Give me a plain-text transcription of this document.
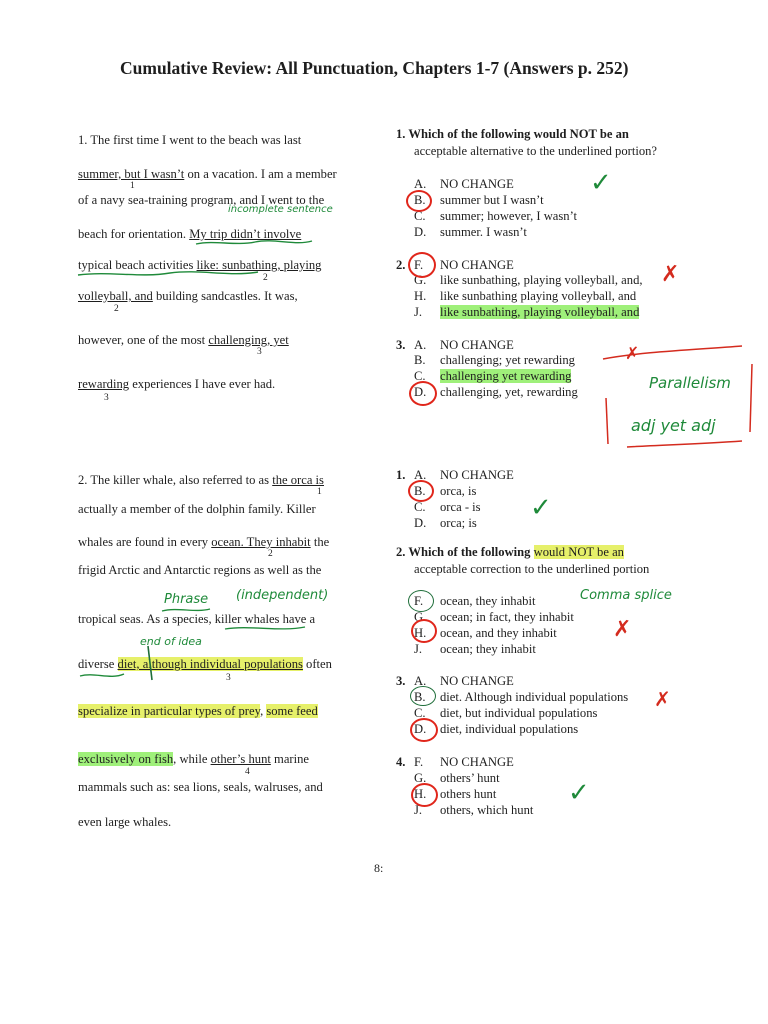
Cumulative Review: All Punctuation, Chapters 1-7 (Answers p. 252)
1. The first time I went to the beach was last
summer, but I wasn’t on a vacation. I am a member
1
of a navy sea-training program, and I went to the
beach for orientation. My trip didn’t involve
typical beach activities like: sunbathing, playing
2
volleyball, and building sandcastles. It was,
2
however, one of the most challenging, yet
3
rewarding experiences I have ever had.
3
2. The killer whale, also referred to as the orca is
1
actually a member of the dolphin family. Killer
whales are found in every ocean. They inhabit the
2
frigid Arctic and Antarctic regions as well as the
tropical seas. As a species, killer whales have a
diverse diet, although individual populations often
3
specialize in particular types of prey, some feed
exclusively on fish, while other’s hunt marine
4
mammals such as: sea lions, seals, walruses, and
even large whales.
1. Which of the following would NOT be an
acceptable alternative to the underlined portion?
A. NO CHANGE
B. summer but I wasn’t
C. summer; however, I wasn’t
D. summer. I wasn’t
2. F. NO CHANGE
G. like sunbathing, playing volleyball, and,
H. like sunbathing playing volleyball, and
J. like sunbathing, playing volleyball, and
3. A. NO CHANGE
B. challenging; yet rewarding
C. challenging yet rewarding
D. challenging, yet, rewarding
1. A. NO CHANGE
B. orca, is
C. orca - is
D. orca; is
2. Which of the following would NOT be an
acceptable correction to the underlined portion
F. ocean, they inhabit
G. ocean; in fact, they inhabit
H. ocean, and they inhabit
J. ocean; they inhabit
3. A. NO CHANGE
B. diet. Although individual populations
C. diet, but individual populations
D. diet, individual populations
4. F. NO CHANGE
G. others’ hunt
H. others hunt
J. others, which hunt
incomplete sentence
Parallelism
adj yet adj
Phrase (independent)
end of idea
Comma splice
✓
✓
✓
✗
✗
✗
✗
8:
